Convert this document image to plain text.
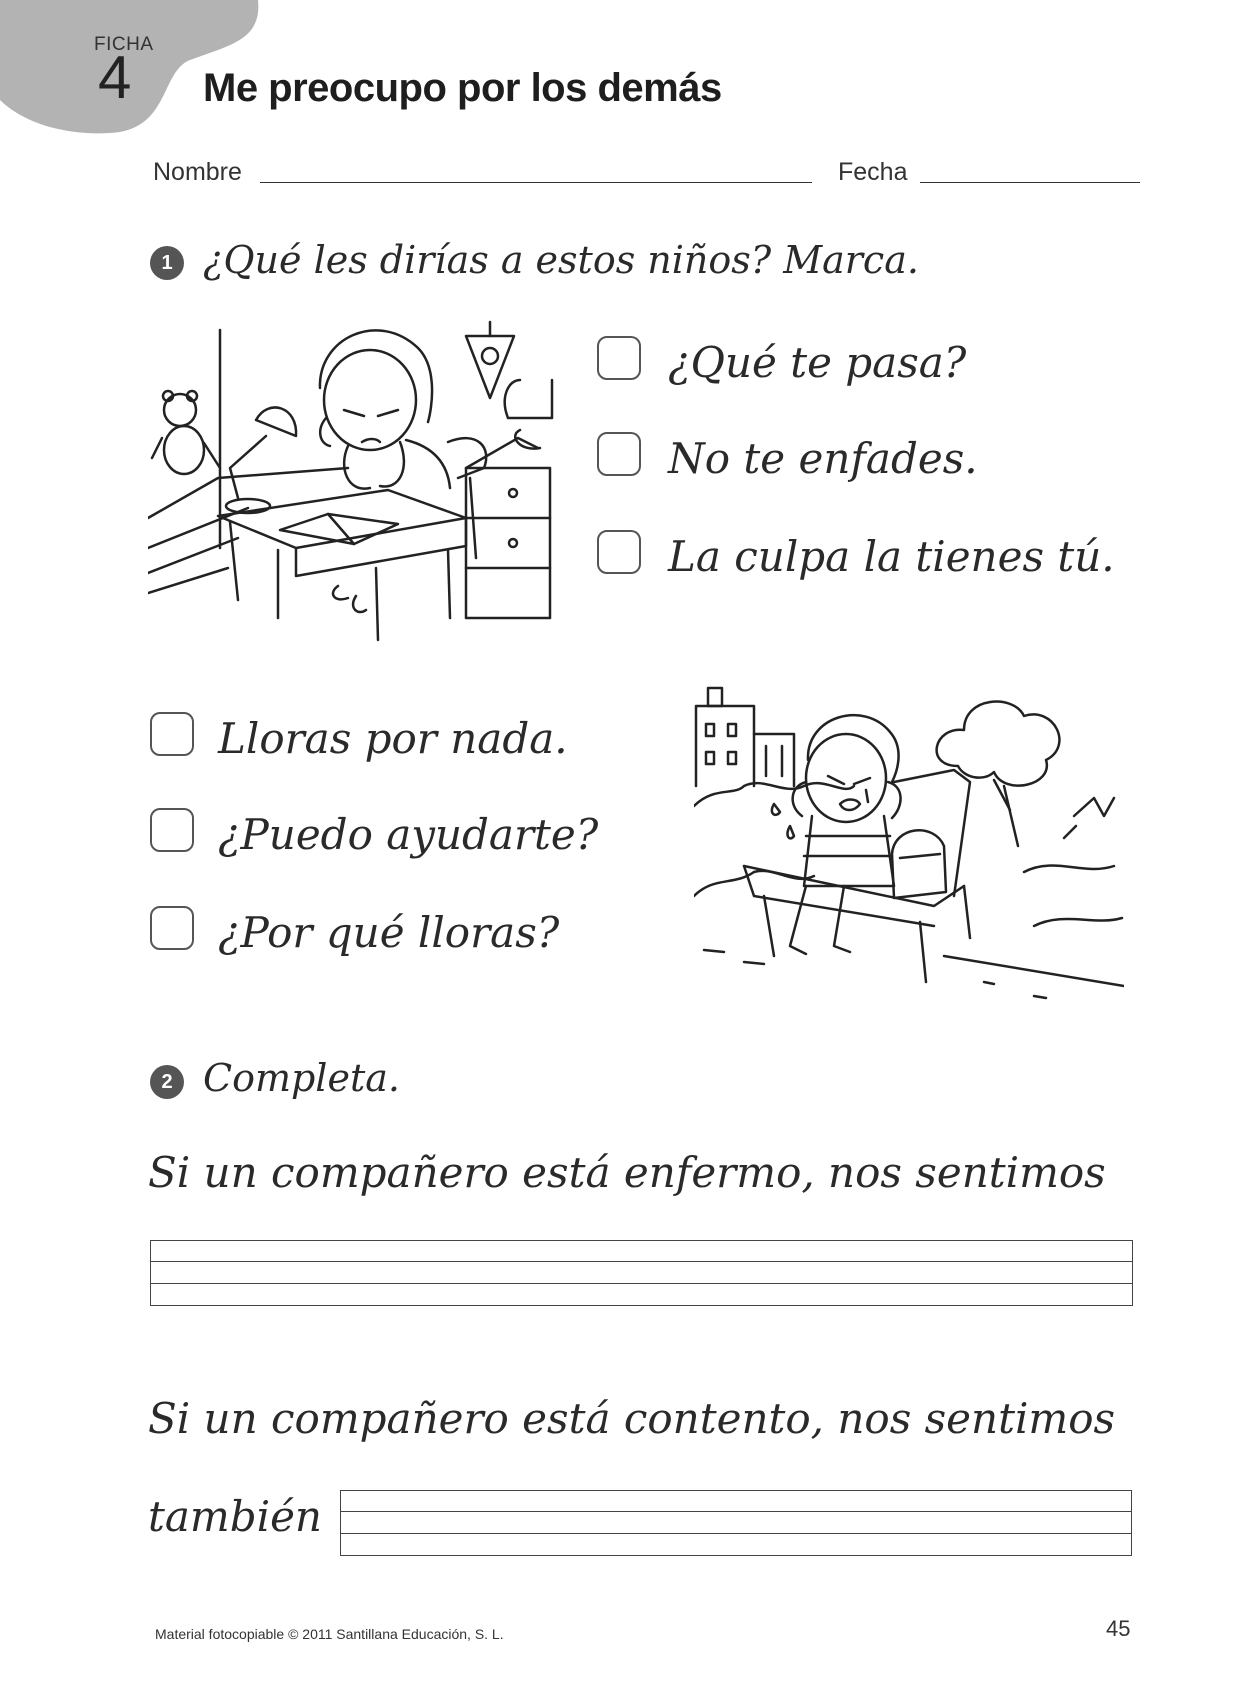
FICHA
4 Me preocupo por los demás
Nombre	Fecha
1 ¿Qué les dirías a estos niños? Marca.
¿Qué te pasa?
No te enfades.
La culpa la tienes tú.
Lloras por nada.
¿Puedo ayudarte?
¿Por qué lloras?
2 Completa.
Si un compañero está enfermo, nos sentimos
Si un compañero está contento, nos sentimos
también
Material fotocopiable © 2011 Santillana Educación, S. L.	45
